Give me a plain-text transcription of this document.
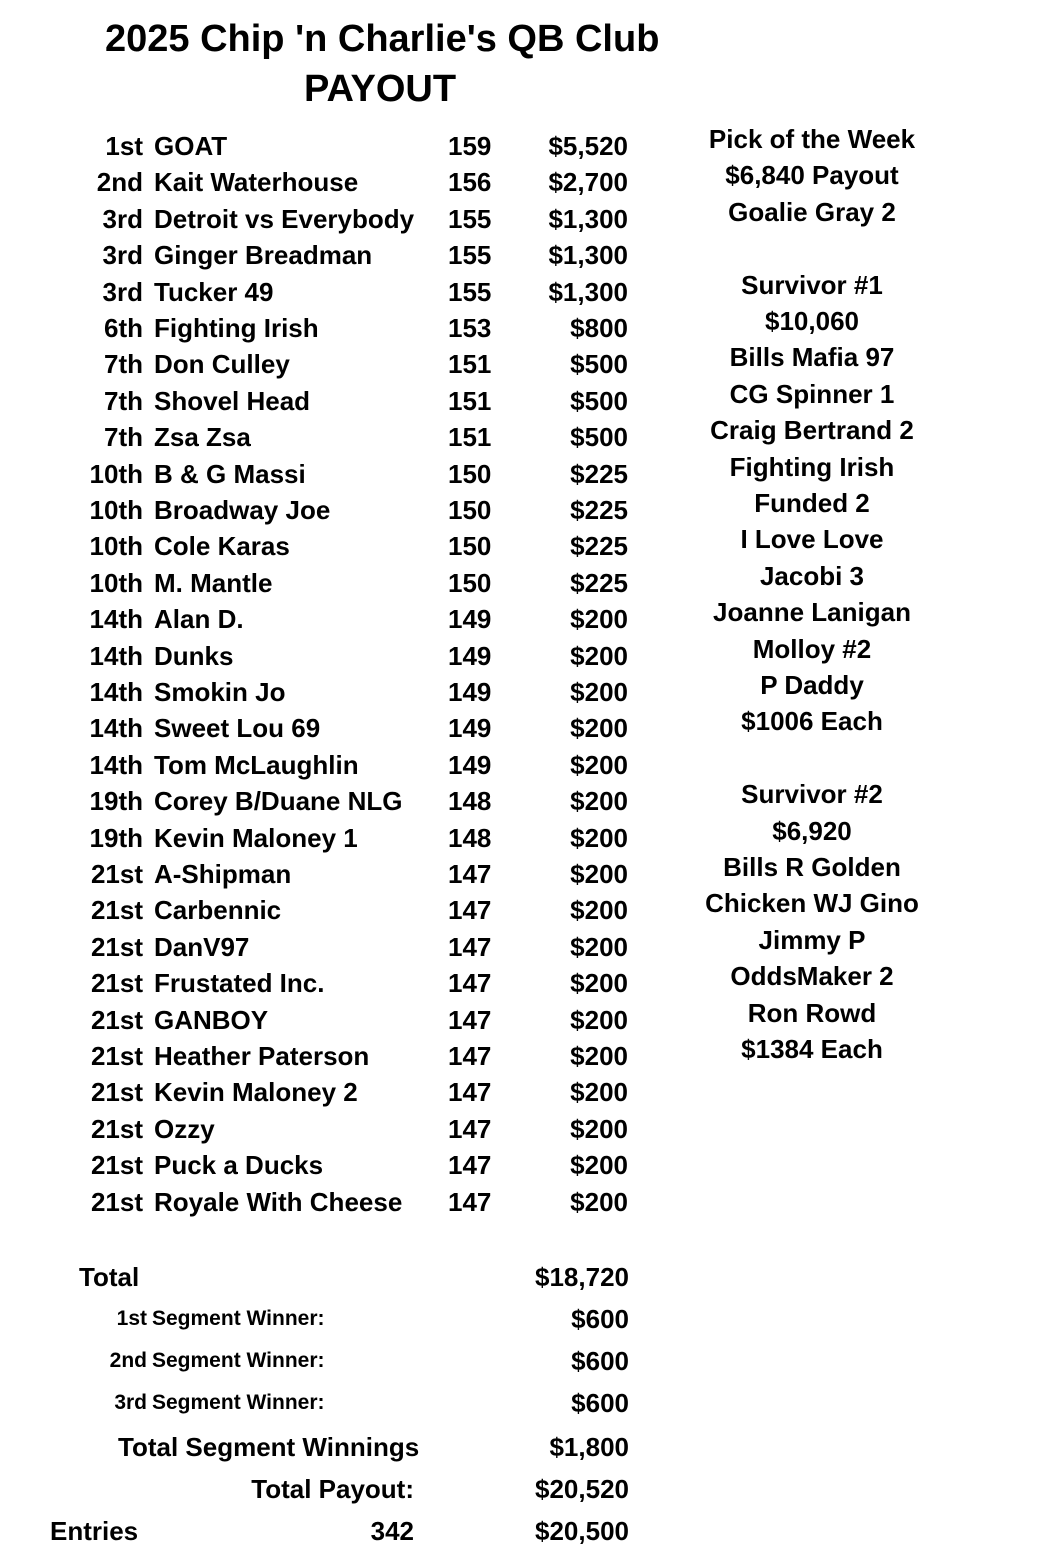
2025 Chip 'n Charlie's QB Club
PAYOUT
1st GOAT	159 $5,520
2nd Kait Waterhouse	156 $2,700
3rd Detroit vs Everybody 155 $1,300
3rd Ginger Breadman	155 $1,300
3rd Tucker 49	155 $1,300
6th Fighting Irish	153	$800
7th Don Culley	151	$500
7th Shovel Head	151	$500
7th Zsa Zsa	151	$500
10th B & G Massi	150	$225
10th Broadway Joe	150	$225
10th Cole Karas	150	$225
10th M. Mantle	150	$225
14th Alan D.	149	$200
14th Dunks	149	$200
14th Smokin Jo	149	$200
14th Sweet Lou 69	149	$200
14th Tom McLaughlin	149	$200
19th Corey B/Duane NLG 148	$200
19th Kevin Maloney 1	148	$200
21st A-Shipman	147	$200
21st Carbennic	147	$200
21st DanV97	147	$200
21st Frustated Inc.	147	$200
21st GANBOY	147	$200
21st Heather Paterson	147	$200
21st Kevin Maloney 2	147	$200
21st Ozzy	147	$200
21st Puck a Ducks	147	$200
21st Royale With Cheese 147	$200
Pick of the Week
$6,840 Payout
Goalie Gray 2
Survivor #1
$10,060
Bills Mafia 97
CG Spinner 1
Craig Bertrand 2
Fighting Irish
Funded 2
I Love Love
Jacobi 3
Joanne Lanigan
Molloy #2
P Daddy
$1006 Each
Survivor #2
$6,920
Bills R Golden
Chicken WJ Gino
Jimmy P
OddsMaker 2
Ron Rowd
$1384 Each
Total	$18,720
1st Segment Winner:	$600
2nd Segment Winner:	$600
3rd Segment Winner:	$600
Total Segment Winnings	$1,800
Total Payout:	$20,520
Entries	342	$20,500
